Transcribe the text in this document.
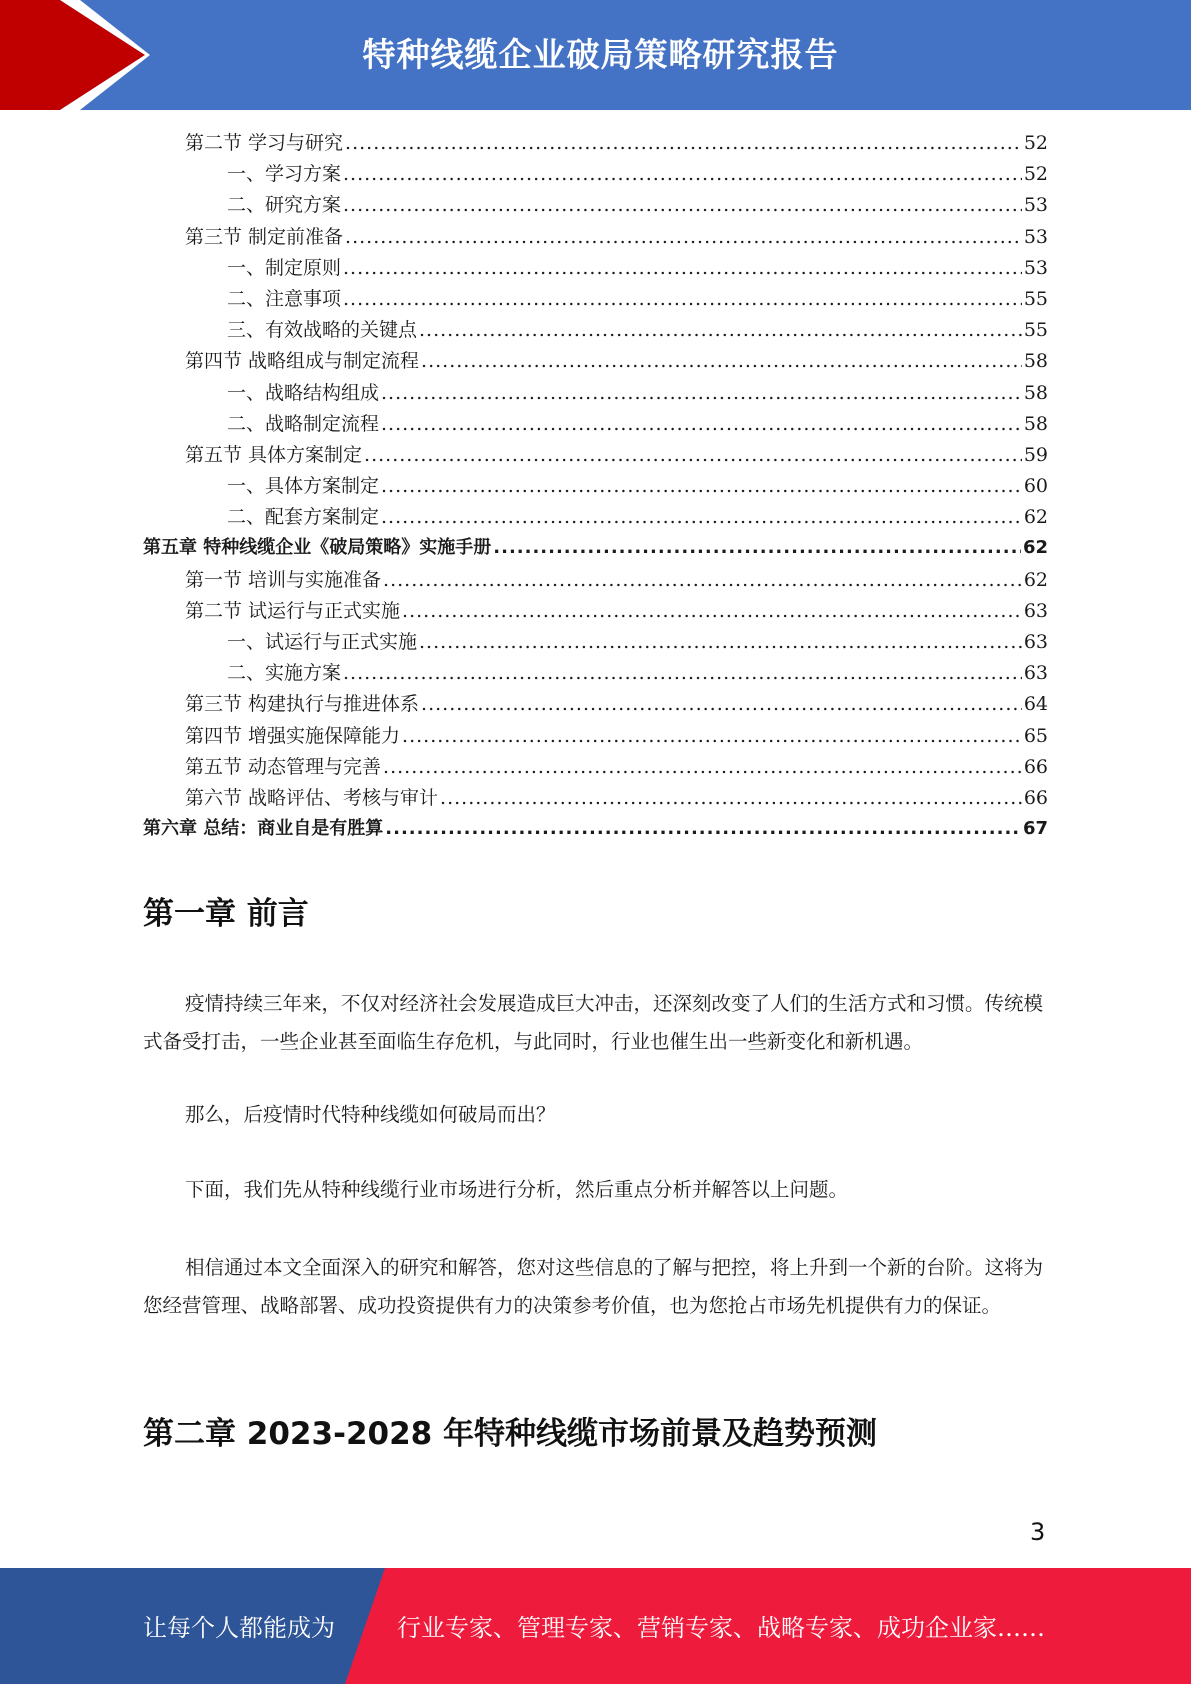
特种线缆企业破局策略研究报告
第二节 学习与研究 .....	52
一、学习方案 .....	52
二、研究方案 .....	53
第三节 制定前准备 .....	53
一、制定原则 .....	53
二、注意事项 .....	55
三、有效战略的关键点 .....	55
第四节 战略组成与制定流程 .....	58
一、战略结构组成 .....	58
二、战略制定流程 .....	58
第五节 具体方案制定 .....	59
一、具体方案制定 .....	60
二、配套方案制定 .....	62
第五章 特种线缆企业《破局策略》实施手册 .....	62
第一节 培训与实施准备 .....	62
第二节 试运行与正式实施 .....	63
一、试运行与正式实施 .....	63
二、实施方案 .....	63
第三节 构建执行与推进体系 .....	64
第四节 增强实施保障能力 .....	65
第五节 动态管理与完善 .....	66
第六节 战略评估、考核与审计 .....	66
第六章 总结：商业自是有胜算 .....	67
第一章 前言
疫情持续三年来，不仅对经济社会发展造成巨大冲击，还深刻改变了人们的生活方式和习惯。传统模式备受打击，一些企业甚至面临生存危机，与此同时，行业也催生出一些新变化和新机遇。
那么，后疫情时代特种线缆如何破局而出？
下面，我们先从特种线缆行业市场进行分析，然后重点分析并解答以上问题。
相信通过本文全面深入的研究和解答，您对这些信息的了解与把控，将上升到一个新的台阶。这将为您经营管理、战略部署、成功投资提供有力的决策参考价值，也为您抢占市场先机提供有力的保证。
第二章 2023-2028 年特种线缆市场前景及趋势预测
3
让每个人都能成为	行业专家、管理专家、营销专家、战略专家、成功企业家……
